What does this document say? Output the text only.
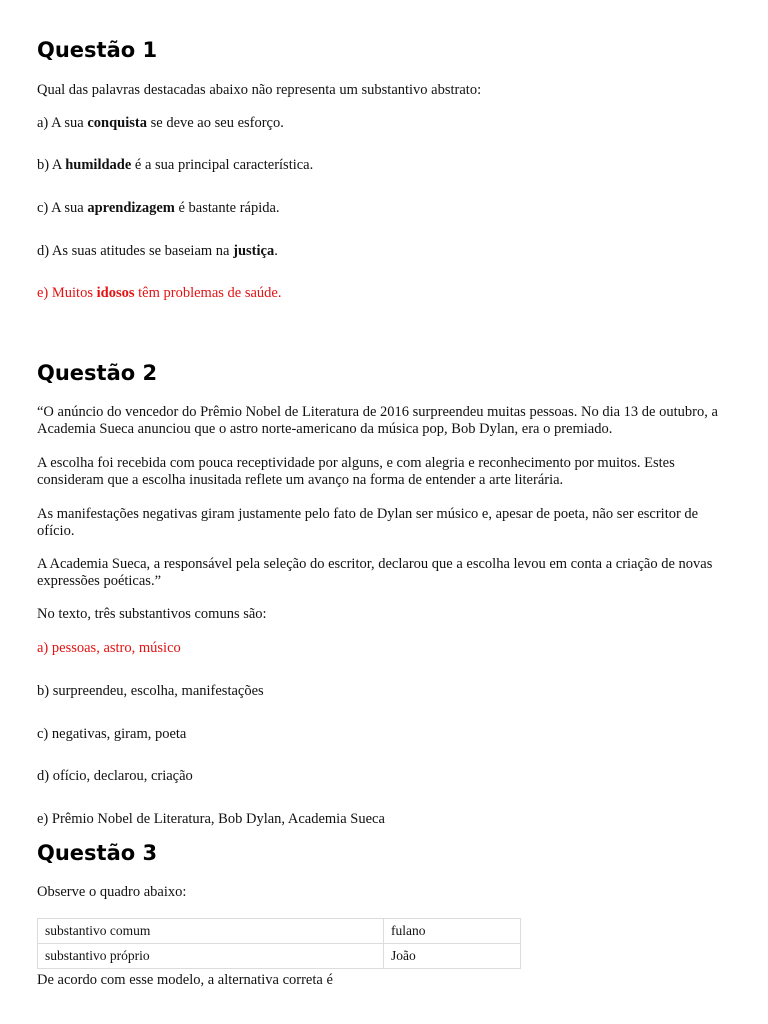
Questão 1

Qual das palavras destacadas abaixo não representa um substantivo abstrato:

a) A sua conquista se deve ao seu esforço.

b) A humildade é a sua principal característica.

c) A sua aprendizagem é bastante rápida.

d) As suas atitudes se baseiam na justiça.

e) Muitos idosos têm problemas de saúde.

Questão 2

“O anúncio do vencedor do Prêmio Nobel de Literatura de 2016 surpreendeu muitas pessoas. No dia 13 de outubro, a Academia Sueca anunciou que o astro norte-americano da música pop, Bob Dylan, era o premiado.

A escolha foi recebida com pouca receptividade por alguns, e com alegria e reconhecimento por muitos. Estes consideram que a escolha inusitada reflete um avanço na forma de entender a arte literária.

As manifestações negativas giram justamente pelo fato de Dylan ser músico e, apesar de poeta, não ser escritor de ofício.

A Academia Sueca, a responsável pela seleção do escritor, declarou que a escolha levou em conta a criação de novas expressões poéticas.”

No texto, três substantivos comuns são:

a) pessoas, astro, músico

b) surpreendeu, escolha, manifestações

c) negativas, giram, poeta

d) ofício, declarou, criação

e) Prêmio Nobel de Literatura, Bob Dylan, Academia Sueca

Questão 3

Observe o quadro abaixo:

substantivo comum	fulano
substantivo próprio	João

De acordo com esse modelo, a alternativa correta é
